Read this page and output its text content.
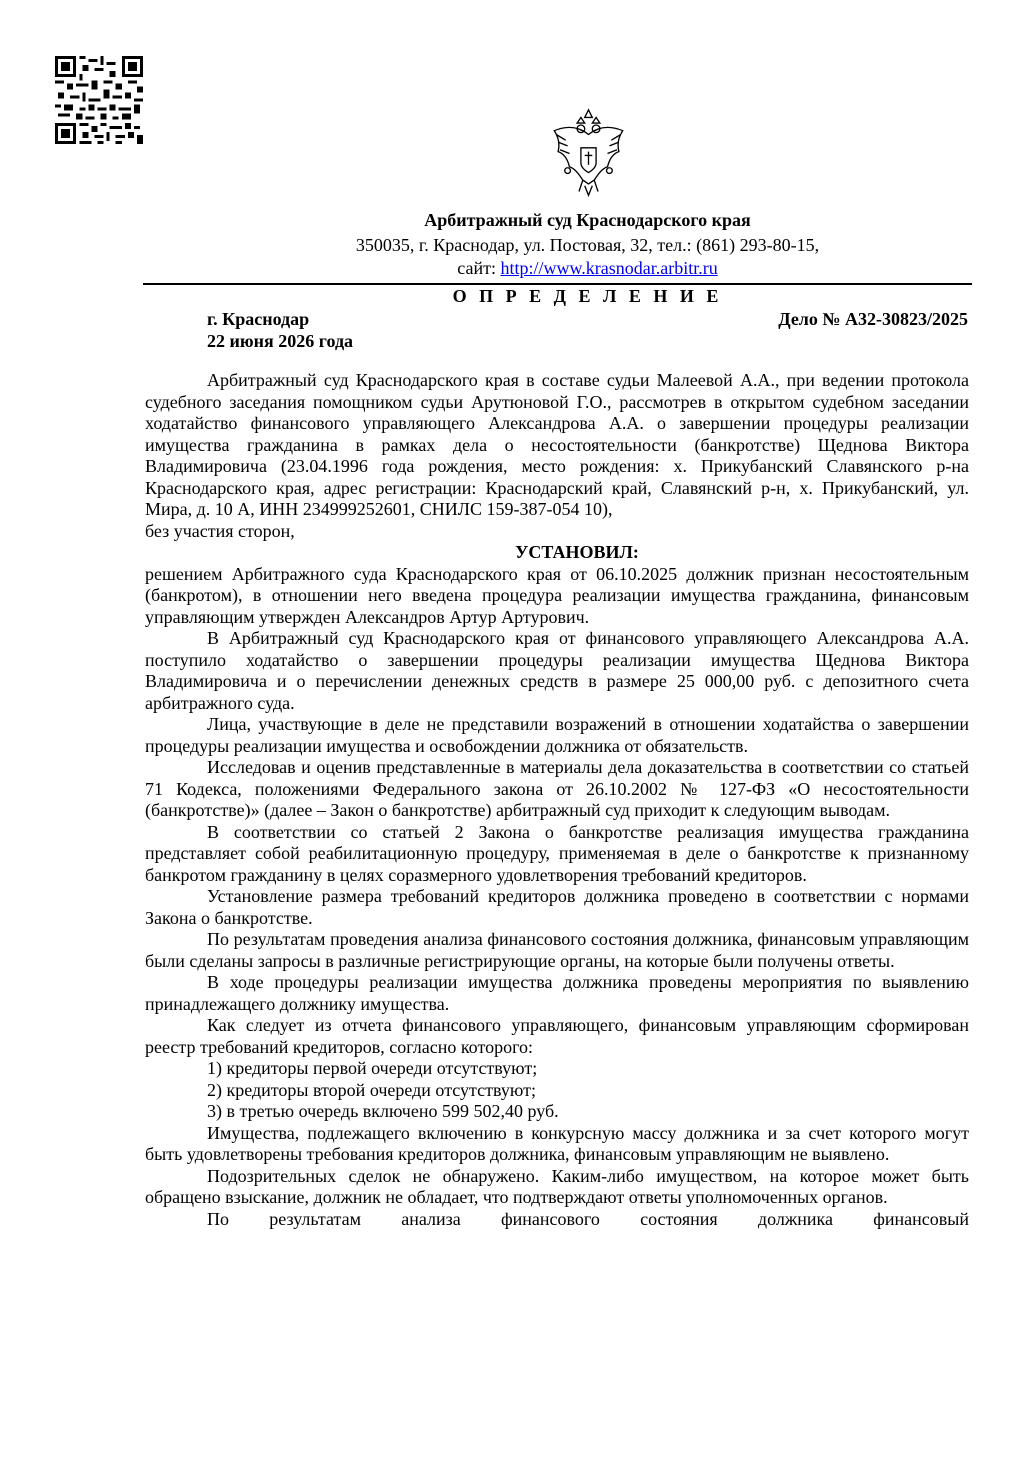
Арбитражный суд Краснодарского края
350035, г. Краснодар, ул. Постовая, 32, тел.: (861) 293-80-15,
сайт: http://www.krasnodar.arbitr.ru
О П Р Е Д Е Л Е Н И Е
г. Краснодар
22 июня 2026 года
Дело № А32-30823/2025

Арбитражный суд Краснодарского края в составе судьи Малеевой А.А., при ведении протокола судебного заседания помощником судьи Арутюновой Г.О., рассмотрев в открытом судебном заседании ходатайство финансового управляющего Александрова А.А. о завершении процедуры реализации имущества гражданина в рамках дела о несостоятельности (банкротстве) Щеднова Виктора Владимировича (23.04.1996 года рождения, место рождения: х. Прикубанский Славянского р-на Краснодарского края, адрес регистрации: Краснодарский край, Славянский р-н, х. Прикубанский, ул. Мира, д. 10 А, ИНН 234999252601, СНИЛС 159-387-054 10),

без участия сторон,

УСТАНОВИЛ:

решением Арбитражного суда Краснодарского края от 06.10.2025 должник признан несостоятельным (банкротом), в отношении него введена процедура реализации имущества гражданина, финансовым управляющим утвержден Александров Артур Артурович.

В Арбитражный суд Краснодарского края от финансового управляющего Александрова А.А. поступило ходатайство о завершении процедуры реализации имущества Щеднова Виктора Владимировича и о перечислении денежных средств в размере 25 000,00 руб. с депозитного счета арбитражного суда.

Лица, участвующие в деле не представили возражений в отношении ходатайства о завершении процедуры реализации имущества и освобождении должника от обязательств.

Исследовав и оценив представленные в материалы дела доказательства в соответствии со статьей 71 Кодекса, положениями Федерального закона от 26.10.2002 № 127-ФЗ «О несостоятельности (банкротстве)» (далее – Закон о банкротстве) арбитражный суд приходит к следующим выводам.

В соответствии со статьей 2 Закона о банкротстве реализация имущества гражданина представляет собой реабилитационную процедуру, применяемая в деле о банкротстве к признанному банкротом гражданину в целях соразмерного удовлетворения требований кредиторов.

Установление размера требований кредиторов должника проведено в соответствии с нормами Закона о банкротстве.

По результатам проведения анализа финансового состояния должника, финансовым управляющим были сделаны запросы в различные регистрирующие органы, на которые были получены ответы.

В ходе процедуры реализации имущества должника проведены мероприятия по выявлению принадлежащего должнику имущества.

Как следует из отчета финансового управляющего, финансовым управляющим сформирован реестр требований кредиторов, согласно которого:

1) кредиторы первой очереди отсутствуют;

2) кредиторы второй очереди отсутствуют;

3) в третью очередь включено 599 502,40 руб.

Имущества, подлежащего включению в конкурсную массу должника и за счет которого могут быть удовлетворены требования кредиторов должника, финансовым управляющим не выявлено.

Подозрительных сделок не обнаружено. Каким-либо имуществом, на которое может быть обращено взыскание, должник не обладает, что подтверждают ответы уполномоченных органов.

По результатам анализа финансового состояния должника финансовый
